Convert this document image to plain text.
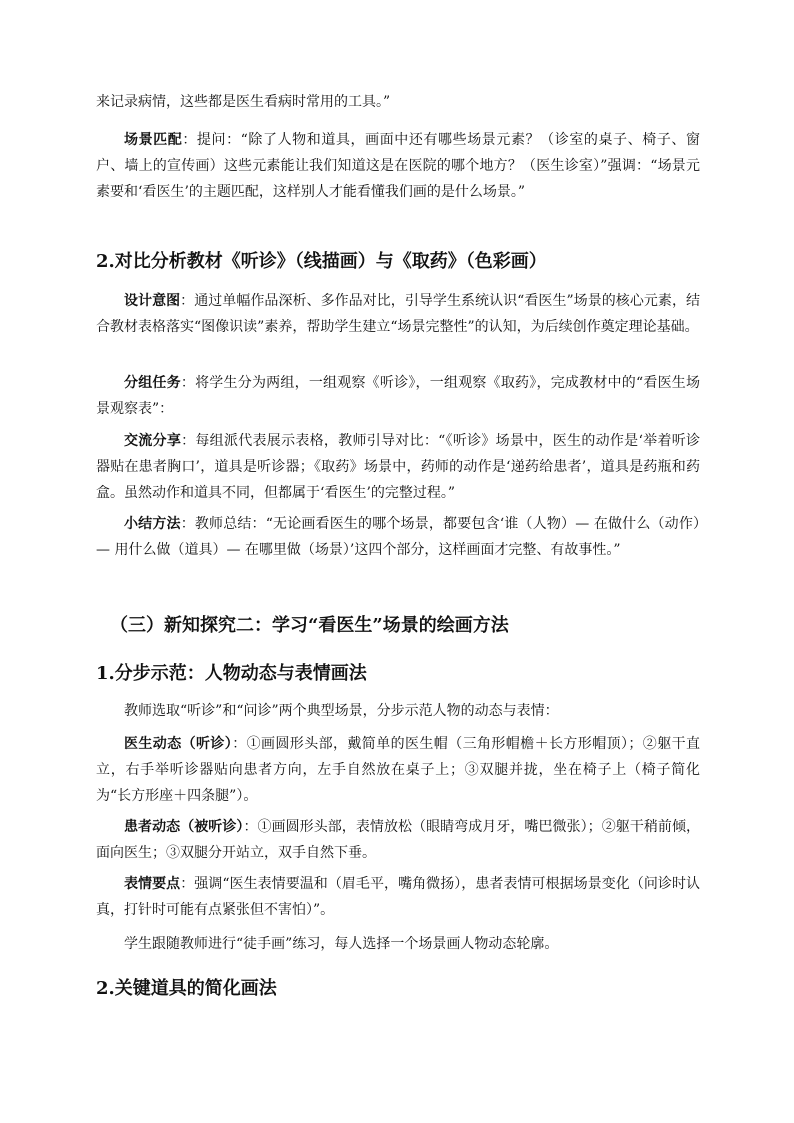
来记录病情，这些都是医生看病时常用的工具。”

场景匹配：提问：“除了人物和道具，画面中还有哪些场景元素？（诊室的桌子、椅子、窗户、墙上的宣传画）这些元素能让我们知道这是在医院的哪个地方？（医生诊室）”强调：“场景元素要和‘看医生’的主题匹配，这样别人才能看懂我们画的是什么场景。”

2.对比分析教材《听诊》（线描画）与《取药》（色彩画）

设计意图：通过单幅作品深析、多作品对比，引导学生系统认识“看医生”场景的核心元素，结合教材表格落实“图像识读”素养，帮助学生建立“场景完整性”的认知，为后续创作奠定理论基础。

分组任务：将学生分为两组，一组观察《听诊》，一组观察《取药》，完成教材中的“看医生场景观察表”：

交流分享：每组派代表展示表格，教师引导对比：“《听诊》场景中，医生的动作是‘举着听诊器贴在患者胸口’，道具是听诊器；《取药》场景中，药师的动作是‘递药给患者’，道具是药瓶和药盒。虽然动作和道具不同，但都属于‘看医生’的完整过程。”

小结方法：教师总结：“无论画看医生的哪个场景，都要包含‘谁（人物）— 在做什么（动作）— 用什么做（道具）— 在哪里做（场景）’这四个部分，这样画面才完整、有故事性。”

（三）新知探究二：学习“看医生”场景的绘画方法
1.分步示范：人物动态与表情画法

教师选取“听诊”和“问诊”两个典型场景，分步示范人物的动态与表情：

医生动态（听诊）：①画圆形头部，戴简单的医生帽（三角形帽檐＋长方形帽顶）；②躯干直立，右手举听诊器贴向患者方向，左手自然放在桌子上；③双腿并拢，坐在椅子上（椅子简化为“长方形座＋四条腿”）。

患者动态（被听诊）：①画圆形头部，表情放松（眼睛弯成月牙，嘴巴微张）；②躯干稍前倾，面向医生；③双腿分开站立，双手自然下垂。

表情要点：强调“医生表情要温和（眉毛平，嘴角微扬），患者表情可根据场景变化（问诊时认真，打针时可能有点紧张但不害怕）”。

学生跟随教师进行“徒手画”练习，每人选择一个场景画人物动态轮廓。

2.关键道具的简化画法
